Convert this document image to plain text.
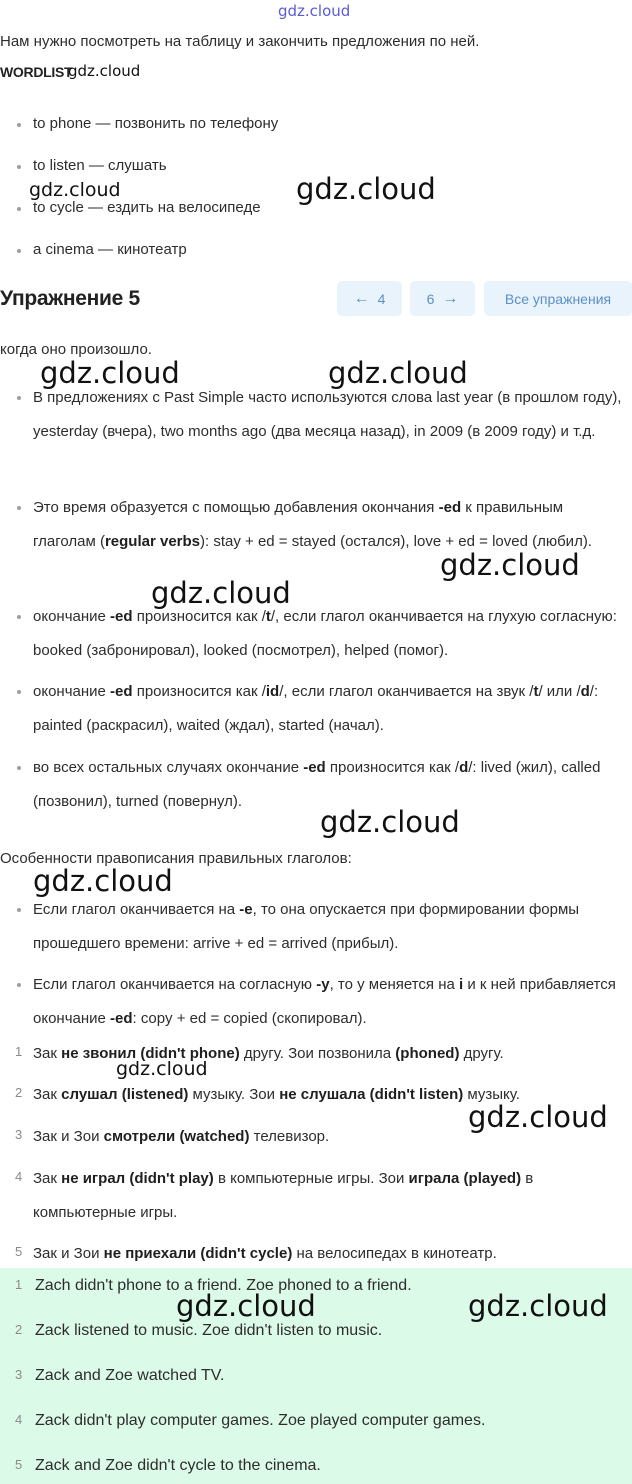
gdz.cloud
Нам нужно посмотреть на таблицу и закончить предложения по ней.
WORDLIST
gdz.cloud
to phone — позвонить по телефону
to listen — слушать
to cycle — ездить на велосипеде
a cinema — кинотеатр
gdz.cloud	gdz.cloud
Упражнение 5	← 4	6 →	Все упражнения
когда оно произошло.
gdz.cloud	gdz.cloud
В предложениях с Past Simple часто используются слова last year (в прошлом году), yesterday (вчера), two months ago (два месяца назад), in 2009 (в 2009 году) и т.д.
Это время образуется с помощью добавления окончания -ed к правильным глаголам (regular verbs): stay + ed = stayed (остался), love + ed = loved (любил).
gdz.cloud
gdz.cloud
окончание -ed произносится как /t/, если глагол оканчивается на глухую согласную: booked (забронировал), looked (посмотрел), helped (помог).
окончание -ed произносится как /id/, если глагол оканчивается на звук /t/ или /d/: painted (раскрасил), waited (ждал), started (начал).
во всех остальных случаях окончание -ed произносится как /d/: lived (жил), called (позвонил), turned (повернул).
gdz.cloud
Особенности правописания правильных глаголов:
gdz.cloud
Если глагол оканчивается на -е, то она опускается при формировании формы прошедшего времени: arrive + ed = arrived (прибыл).
Если глагол оканчивается на согласную -у, то у меняется на i и к ней прибавляется окончание -ed: copy + ed = copied (скопировал).
1 Зак не звонил (didn't phone) другу. Зои позвонила (phoned) другу.
gdz.cloud
2 Зак слушал (listened) музыку. Зои не слушала (didn't listen) музыку.
gdz.cloud
3 Зак и Зои смотрели (watched) телевизор.
4 Зак не играл (didn't play) в компьютерные игры. Зои играла (played) в компьютерные игры.
5 Зак и Зои не приехали (didn't cycle) на велосипедах в кинотеатр.
1 Zach didn't phone to a friend. Zoe phoned to a friend.
gdz.cloud	gdz.cloud
2 Zack listened to music. Zoe didn't listen to music.
3 Zack and Zoe watched TV.
4 Zack didn't play computer games. Zoe played computer games.
5 Zack and Zoe didn't cycle to the cinema.
